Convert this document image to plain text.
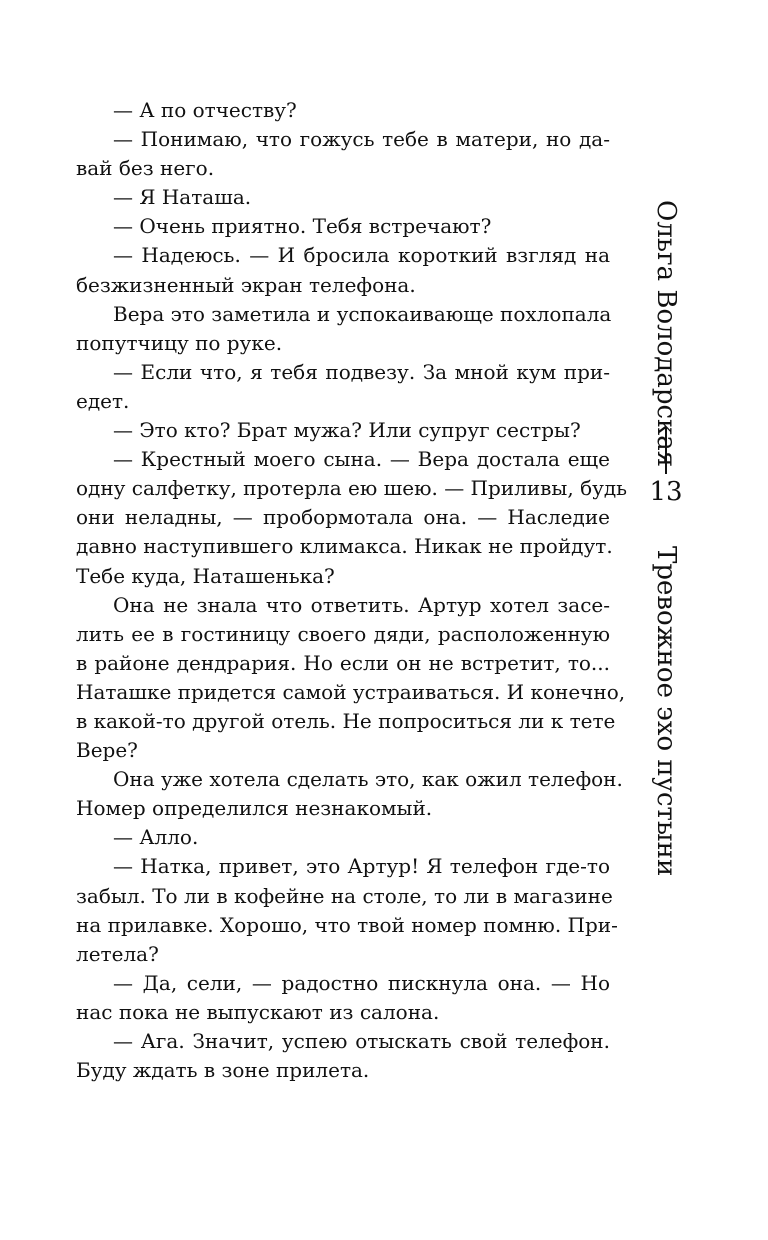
— А по отчеству?
— Понимаю, что гожусь тебе в матери, но да-
вай без него.
— Я Наташа.
— Очень приятно. Тебя встречают?
— Надеюсь. — И бросила короткий взгляд на
безжизненный экран телефона.
Вера это заметила и успокаивающе похлопала
попутчицу по руке.
— Если что, я тебя подвезу. За мной кум при-
едет.
— Это кто? Брат мужа? Или супруг сестры?
— Крестный моего сына. — Вера достала еще
одну салфетку, протерла ею шею. — Приливы, будь
они неладны, — пробормотала она. — Наследие
давно наступившего климакса. Никак не пройдут.
Тебе куда, Наташенька?
Она не знала что ответить. Артур хотел засе-
лить ее в гостиницу своего дяди, расположенную
в районе дендрария. Но если он не встретит, то...
Наташке придется самой устраиваться. И конечно,
в какой-то другой отель. Не попроситься ли к тете
Вере?
Она уже хотела сделать это, как ожил телефон.
Номер определился незнакомый.
— Алло.
— Натка, привет, это Артур! Я телефон где-то
забыл. То ли в кофейне на столе, то ли в магазине
на прилавке. Хорошо, что твой номер помню. При-
летела?
— Да, сели, — радостно пискнула она. — Но
нас пока не выпускают из салона.
— Ага. Значит, успею отыскать свой телефон.
Буду ждать в зоне прилета.
Ольга Володарская
13
Тревожное эхо пустыни
